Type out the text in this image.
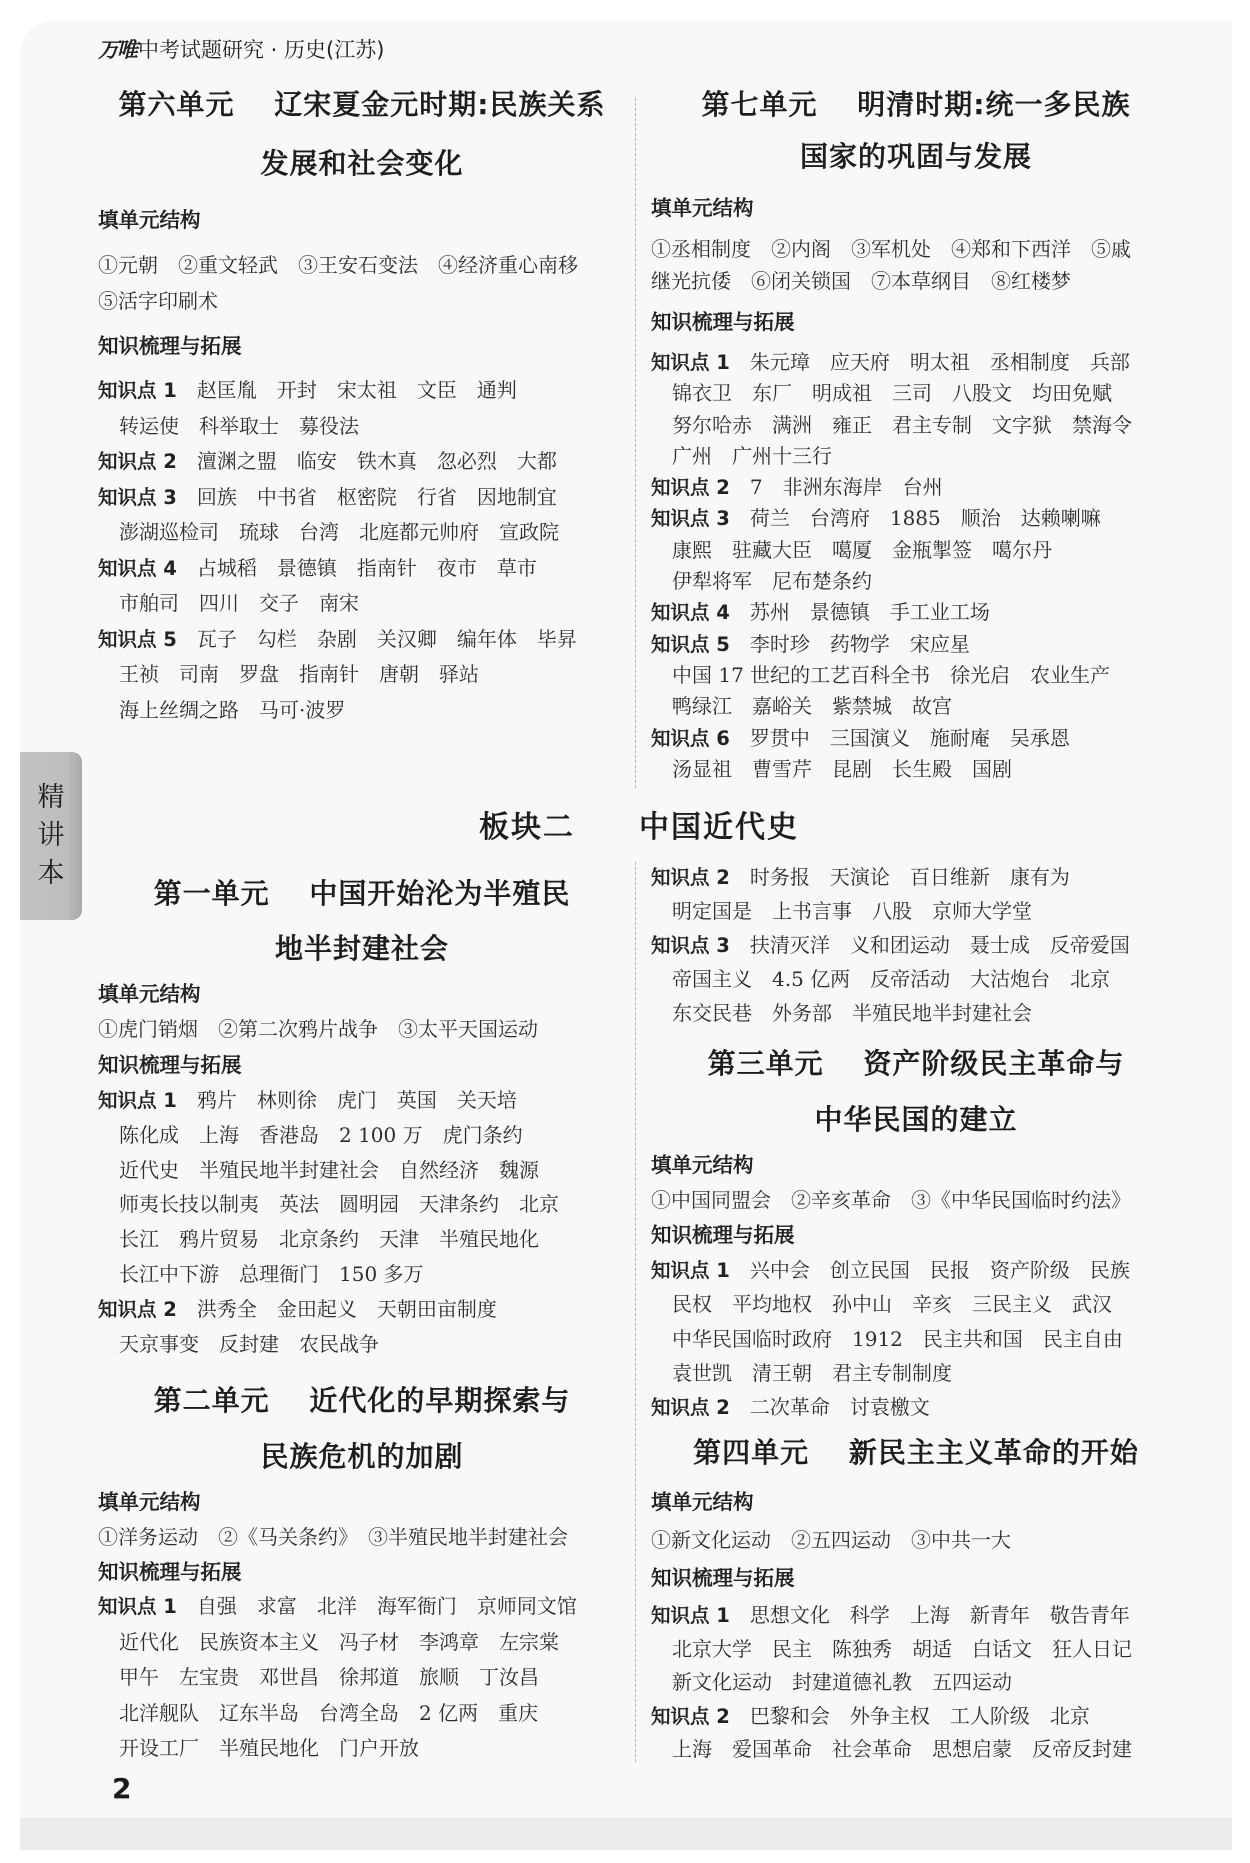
万唯中考试题研究 · 历史(江苏)
精
讲
本
板块二　　中国近代史
第六单元　 辽宋夏金元时期:民族关系
发展和社会变化
填单元结构
①元朝　②重文轻武　③王安石变法　④经济重心南移
⑤活字印刷术
知识梳理与拓展
知识点 1　 赵匡胤　开封　宋太祖　文臣　通判
转运使　科举取士　募役法
知识点 2　 澶渊之盟　临安　铁木真　忽必烈　大都
知识点 3　 回族　中书省　枢密院　行省　因地制宜
澎湖巡检司　琉球　台湾　北庭都元帅府　宣政院
知识点 4　 占城稻　景德镇　指南针　夜市　草市
市舶司　四川　交子　南宋
知识点 5　 瓦子　勾栏　杂剧　关汉卿　编年体　毕昇
王祯　司南　罗盘　指南针　唐朝　驿站
海上丝绸之路　马可·波罗
第七单元　 明清时期:统一多民族
国家的巩固与发展
填单元结构
①丞相制度　②内阁　③军机处　④郑和下西洋　⑤戚
继光抗倭　⑥闭关锁国　⑦本草纲目　⑧红楼梦
知识梳理与拓展
知识点 1　 朱元璋　应天府　明太祖　丞相制度　兵部
锦衣卫　东厂　明成祖　三司　八股文　均田免赋
努尔哈赤　满洲　雍正　君主专制　文字狱　禁海令
广州　广州十三行
知识点 2　 7　非洲东海岸　台州
知识点 3　 荷兰　台湾府　1885　顺治　达赖喇嘛
康熙　驻藏大臣　噶厦　金瓶掣签　噶尔丹
伊犁将军　尼布楚条约
知识点 4　 苏州　景德镇　手工业工场
知识点 5　 李时珍　药物学　宋应星
中国 17 世纪的工艺百科全书　徐光启　农业生产
鸭绿江　嘉峪关　紫禁城　故宫
知识点 6　 罗贯中　三国演义　施耐庵　吴承恩
汤显祖　曹雪芹　昆剧　长生殿　国剧
第一单元　 中国开始沦为半殖民
地半封建社会
填单元结构
①虎门销烟　②第二次鸦片战争　③太平天国运动
知识梳理与拓展
知识点 1　 鸦片　林则徐　虎门　英国　关天培
陈化成　上海　香港岛　2 100 万　虎门条约
近代史　半殖民地半封建社会　自然经济　魏源
师夷长技以制夷　英法　圆明园　天津条约　北京
长江　鸦片贸易　北京条约　天津　半殖民地化
长江中下游　总理衙门　150 多万
知识点 2　 洪秀全　金田起义　天朝田亩制度
天京事变　反封建　农民战争
知识点 2　 时务报　天演论　百日维新　康有为
明定国是　上书言事　八股　京师大学堂
知识点 3　 扶清灭洋　义和团运动　聂士成　反帝爱国
帝国主义　4.5 亿两　反帝活动　大沽炮台　北京
东交民巷　外务部　半殖民地半封建社会
第二单元　 近代化的早期探索与
民族危机的加剧
填单元结构
①洋务运动　②《马关条约》　③半殖民地半封建社会
知识梳理与拓展
知识点 1　 自强　求富　北洋　海军衙门　京师同文馆
近代化　民族资本主义　冯子材　李鸿章　左宗棠
甲午　左宝贵　邓世昌　徐邦道　旅顺　丁汝昌
北洋舰队　辽东半岛　台湾全岛　2 亿两　重庆
开设工厂　半殖民地化　门户开放
第三单元　 资产阶级民主革命与
中华民国的建立
填单元结构
①中国同盟会　②辛亥革命　③《中华民国临时约法》
知识梳理与拓展
知识点 1　 兴中会　创立民国　民报　资产阶级　民族
民权　平均地权　孙中山　辛亥　三民主义　武汉
中华民国临时政府　1912　民主共和国　民主自由
袁世凯　清王朝　君主专制制度
知识点 2　 二次革命　讨袁檄文
第四单元　 新民主主义革命的开始
填单元结构
①新文化运动　②五四运动　③中共一大
知识梳理与拓展
知识点 1　 思想文化　科学　上海　新青年　敬告青年
北京大学　民主　陈独秀　胡适　白话文　狂人日记
新文化运动　封建道德礼教　五四运动
知识点 2　 巴黎和会　外争主权　工人阶级　北京
上海　爱国革命　社会革命　思想启蒙　反帝反封建
2
